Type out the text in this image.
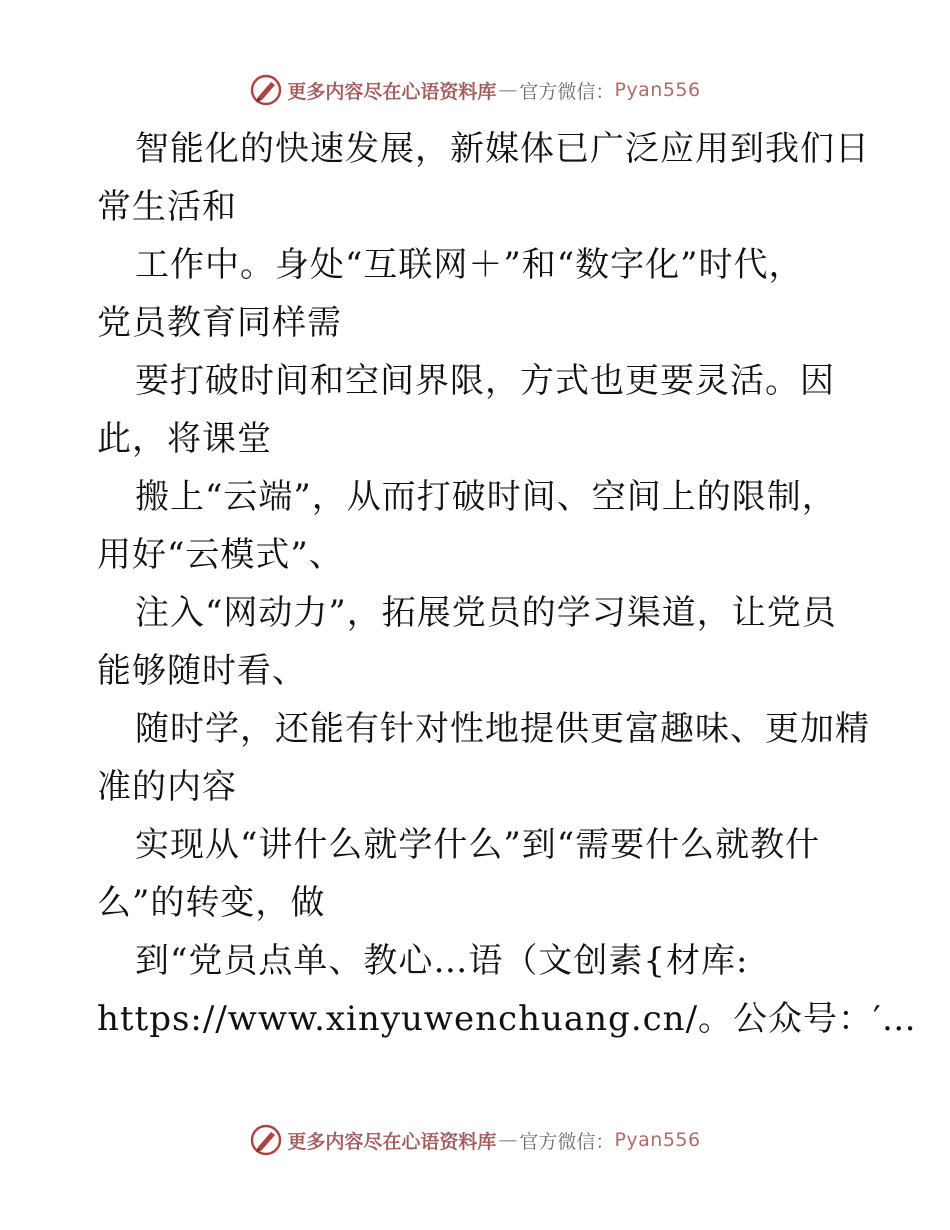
更多内容尽在心语资料库 — 官方微信： Pyan556
智能化的快速发展，新媒体已广泛应用到我们日
常生活和
工作中。身处“互联网＋”和“数字化”时代，
党员教育同样需
要打破时间和空间界限，方式也更要灵活。因
此，将课堂
搬上“云端”，从而打破时间、空间上的限制，
用好“云模式”、
注入“网动力”，拓展党员的学习渠道，让党员
能够随时看、
随时学，还能有针对性地提供更富趣味、更加精
准的内容
实现从“讲什么就学什么”到“需要什么就教什
么”的转变，做
到“党员点单、教心…语（文创素{材库:
https://www.xinyuwenchuang.cn/。公众号：′…
更多内容尽在心语资料库 — 官方微信： Pyan556
